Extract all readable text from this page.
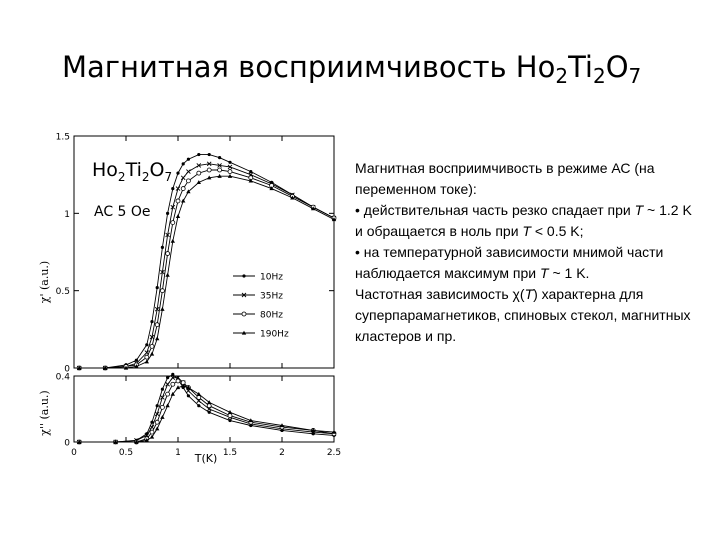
Магнитная восприимчивость $Ho_2Ti_2O_7$
$Ho_2Ti_2O_7$
AC 5 Oe
χ' (a.u.)
χ'' (a.u.)
T(K)
0
0.5
1
1.5
0
0.4
0	0.5	1	1.5	2	2.5
10Hz
35Hz
80Hz
190Hz

Магнитная восприимчивость в режиме АС (на переменном токе):

• действительная часть резко спадает при T ~ 1.2 K и обращается в ноль при T < 0.5 K;

• на температурной зависимости мнимой части наблюдается максимум при T ~ 1 K.

Частотная зависимость χ(T) характерна для суперпарамагнетиков, спиновых стекол, магнитных кластеров и пр.
